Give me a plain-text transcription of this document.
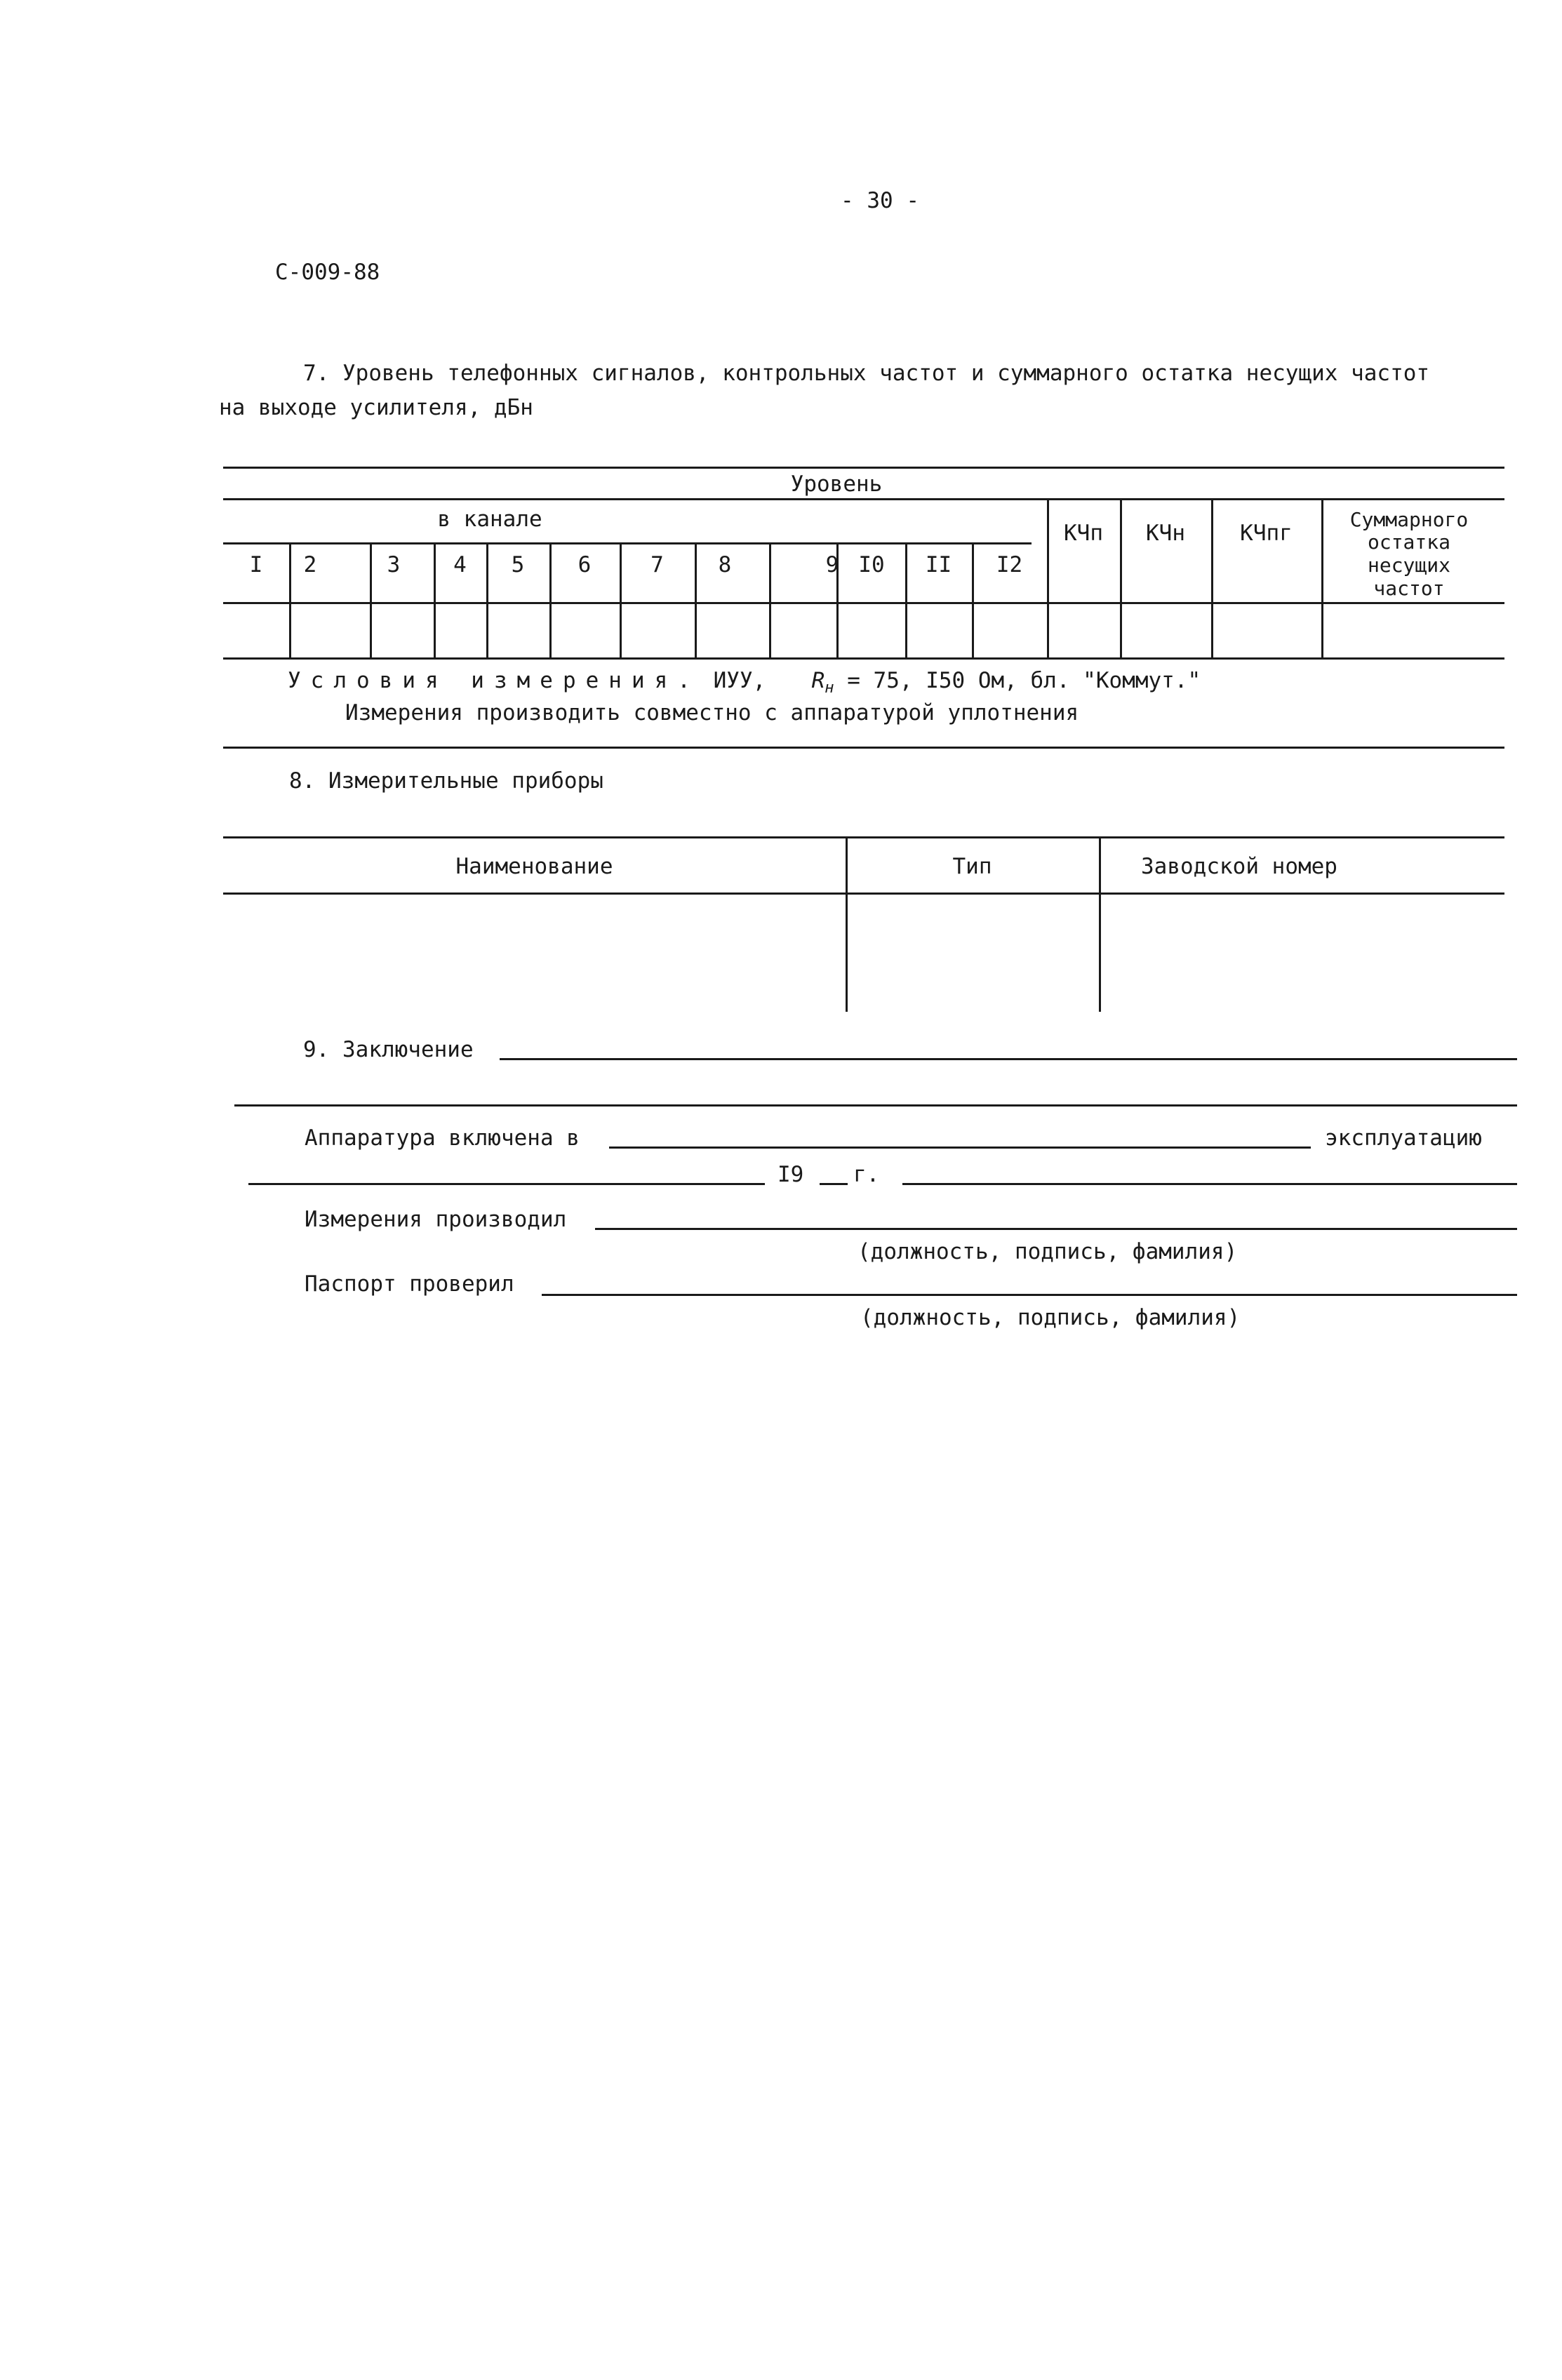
- 30 -
С-009-88
7. Уровень телефонных сигналов, контрольных частот и суммарного остатка несущих частот
на выходе усилителя, дБн
Уровень
в канале
I	2	3	4	5	6	7	8	9 I0	II	I2
КЧп	КЧн	КЧпг
Суммарного
остатка
несущих
частот
Условия измерения. ИУУ, $R_н = 75$, I50 Ом, бл. "Коммут."
Измерения производить совместно с аппаратурой уплотнения
8. Измерительные приборы
Наименование	Тип	Заводской номер
9. Заключение
Аппаратура включена в	эксплуатацию
I9 г.
Измерения производил
(должность, подпись, фамилия)
Паспорт проверил
(должность, подпись, фамилия)
